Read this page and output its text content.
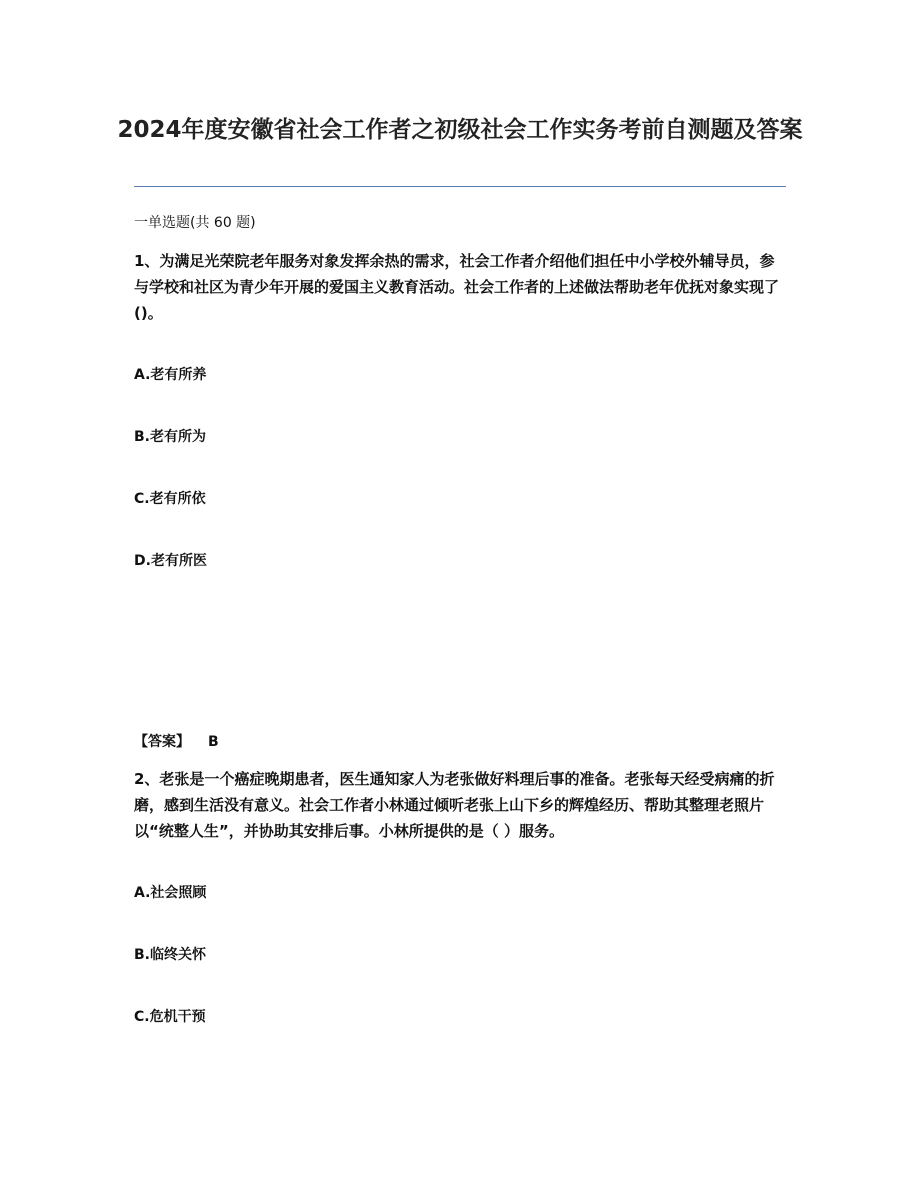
2024年度安徽省社会工作者之初级社会工作实务考前自测题及答案
一单选题(共 60 题)

1、为满足光荣院老年服务对象发挥余热的需求，社会工作者介绍他们担任中小学校外辅导员，参与学校和社区为青少年开展的爱国主义教育活动。社会工作者的上述做法帮助老年优抚对象实现了()。

A.老有所养
B.老有所为
C.老有所依
D.老有所医
【答案】 B

2、老张是一个癌症晚期患者，医生通知家人为老张做好料理后事的准备。老张每天经受病痛的折磨，感到生活没有意义。社会工作者小林通过倾听老张上山下乡的辉煌经历、帮助其整理老照片以“统整人生”，并协助其安排后事。小林所提供的是（ ）服务。

A.社会照顾
B.临终关怀
C.危机干预
